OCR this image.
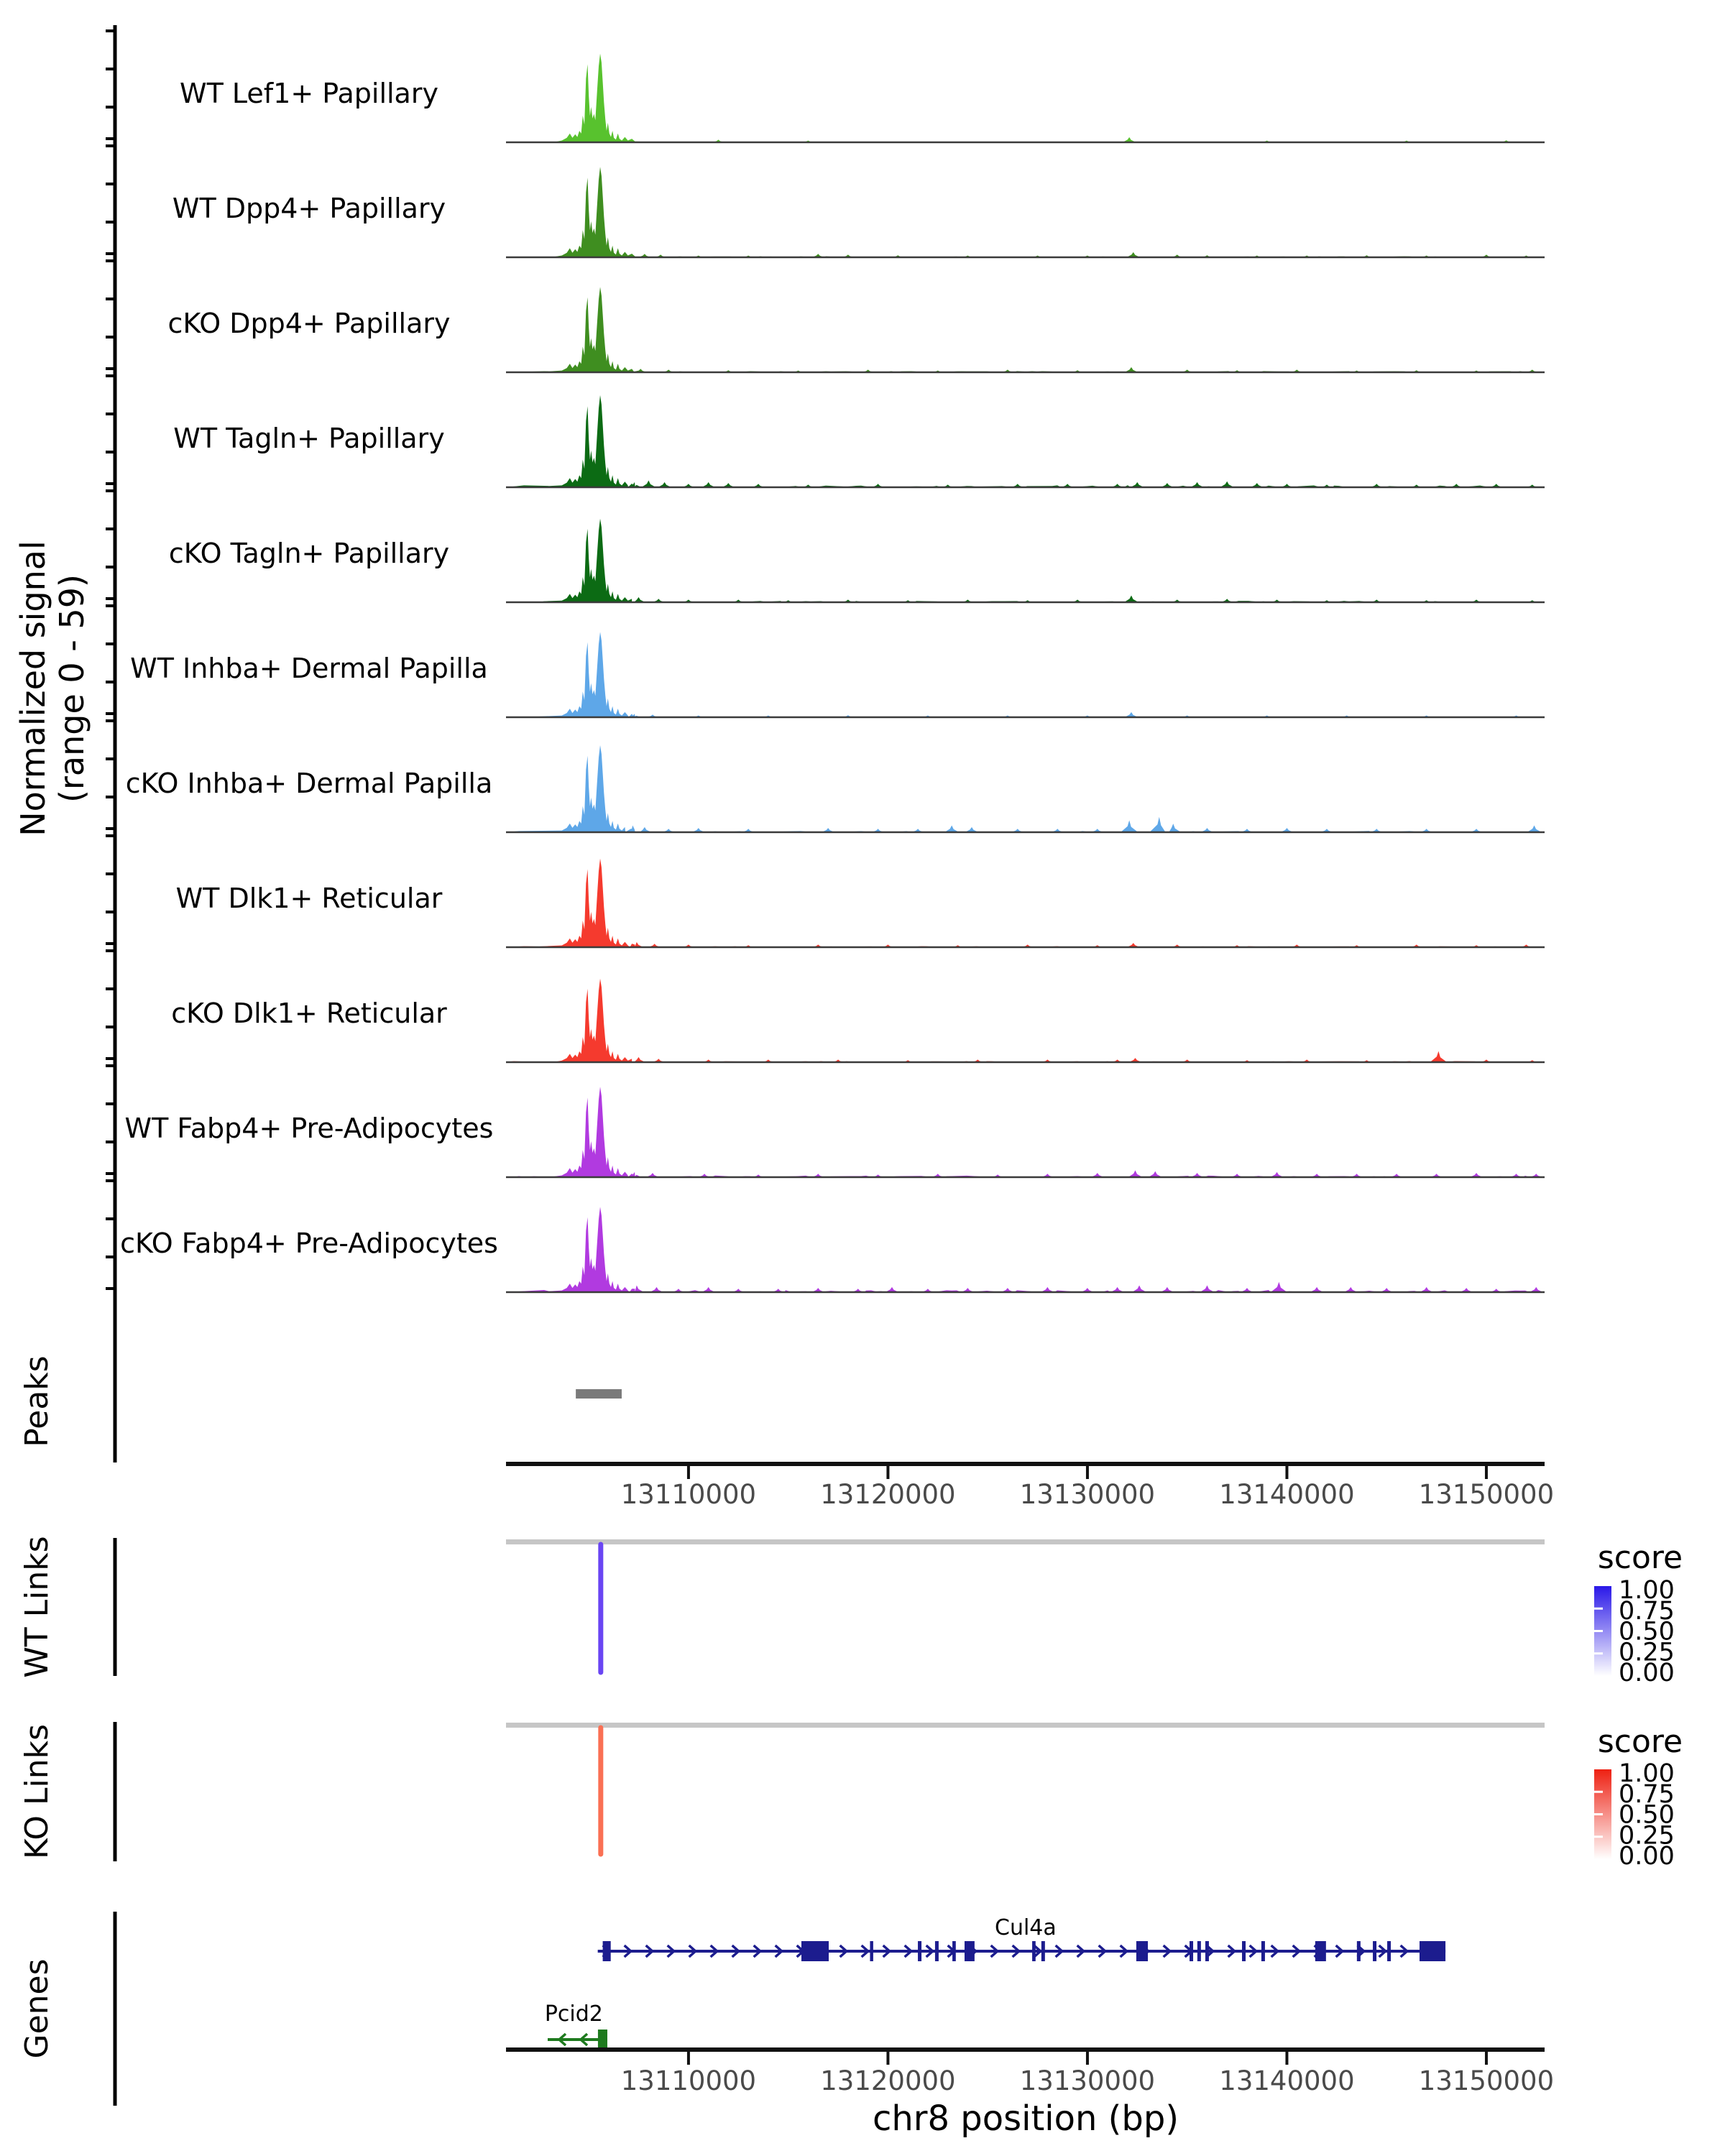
WT Lef1+ Papillary
WT Dpp4+ Papillary
cKO Dpp4+ Papillary
WT Tagln+ Papillary
cKO Tagln+ Papillary
WT Inhba+ Dermal Papilla
cKO Inhba+ Dermal Papilla
WT Dlk1+ Reticular
cKO Dlk1+ Reticular
WT Fabp4+ Pre-Adipocytes
cKO Fabp4+ Pre-Adipocytes
Normalized signal (range 0 - 59)
Peaks
13110000 13120000 13130000 13140000 13150000
1.00
0.75
0.50
0.25
0.00
WT Links	score
1.00
0.75
0.50
0.25
0.00
KO Links	score
Genes
Cul4a
Pcid2
13110000 13120000 13130000 13140000 13150000
chr8 position (bp)
